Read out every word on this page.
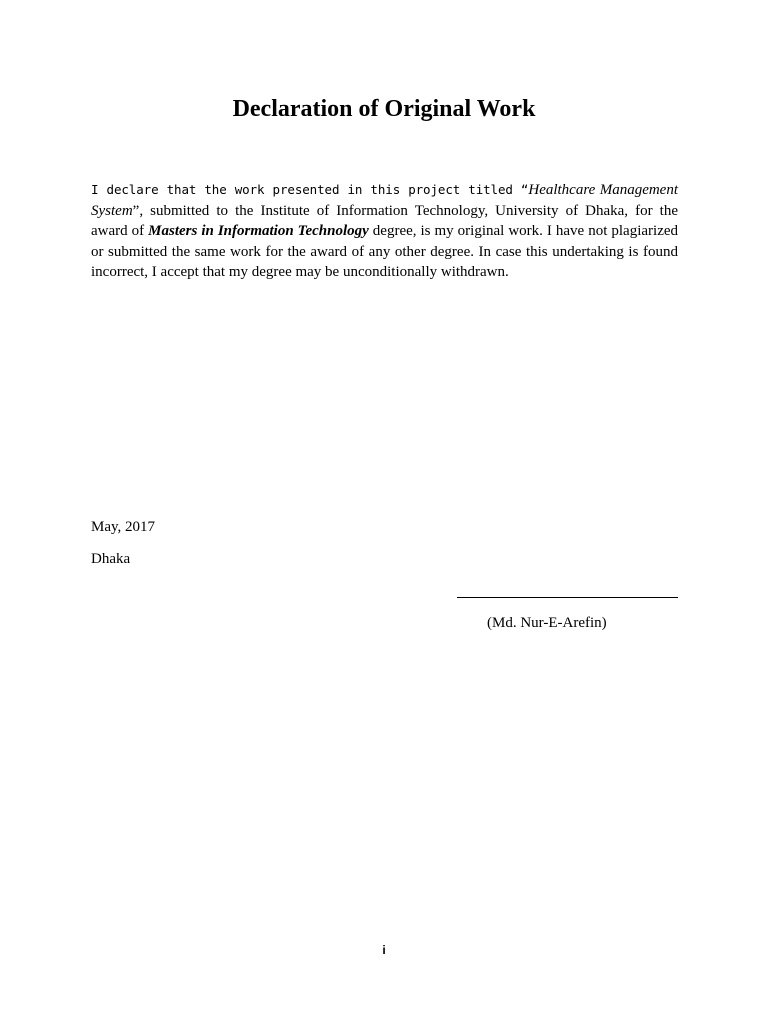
Declaration of Original Work

I declare that the work presented in this project titled “Healthcare Management System”, submitted to the Institute of Information Technology, University of Dhaka, for the award of Masters in Information Technology degree, is my original work. I have not plagiarized or submitted the same work for the award of any other degree. In case this undertaking is found incorrect, I accept that my degree may be unconditionally withdrawn.

May, 2017
Dhaka
(Md. Nur-E-Arefin)
i
